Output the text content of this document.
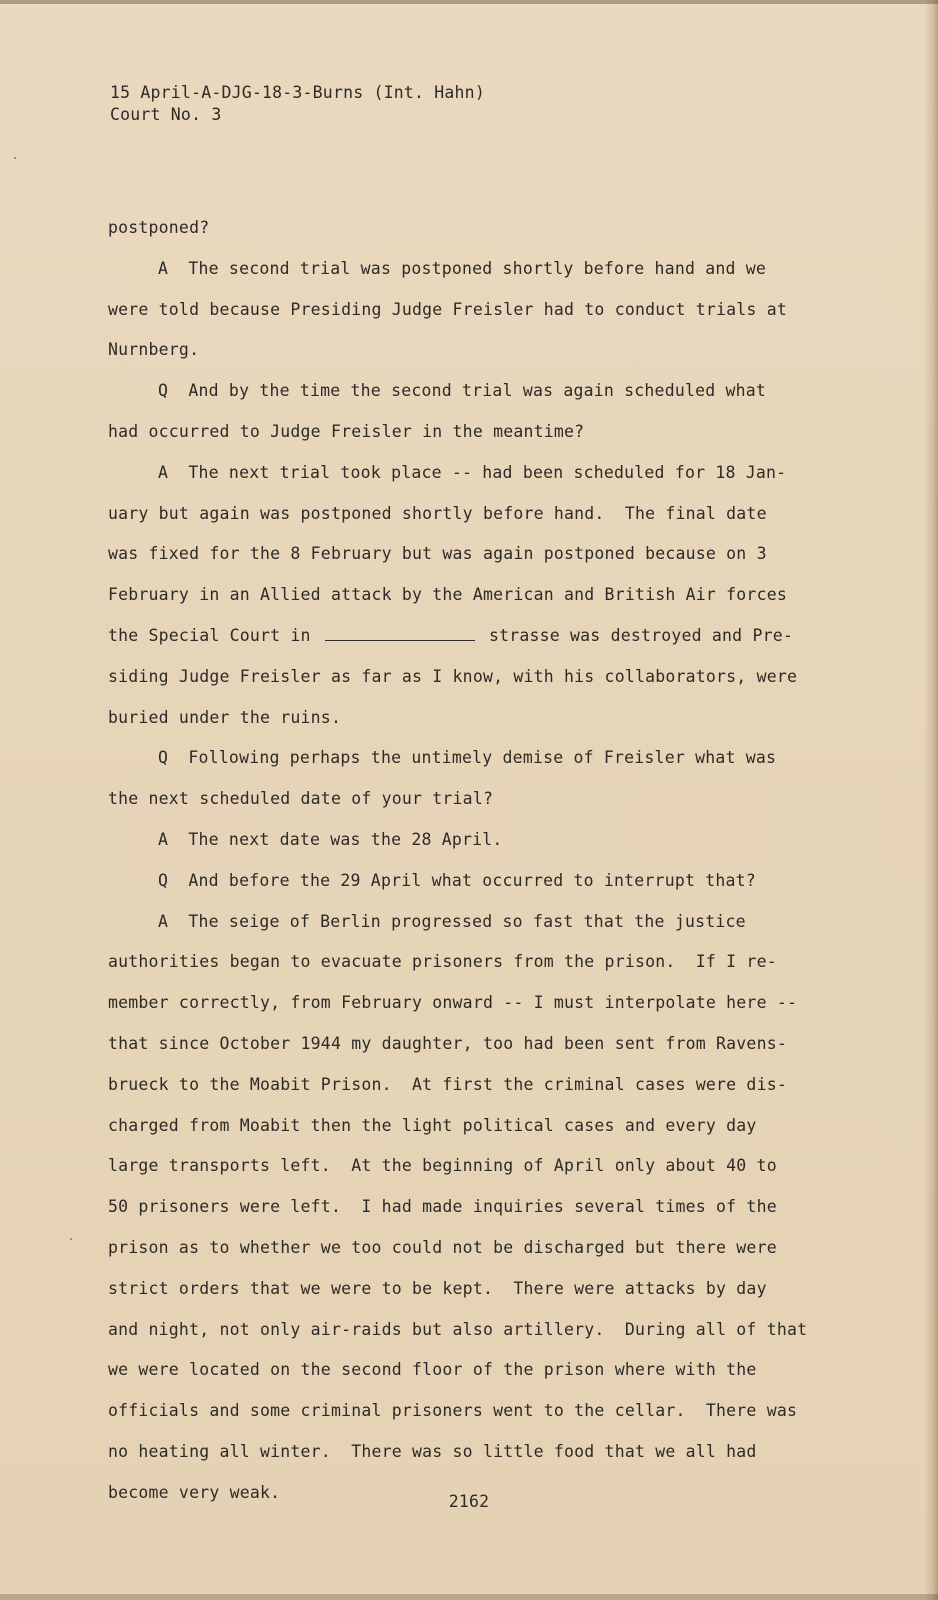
15 April-A-DJG-18-3-Burns (Int. Hahn)
Court No. 3
postponed?
A  The second trial was postponed shortly before hand and we
were told because Presiding Judge Freisler had to conduct trials at
Nurnberg.
Q  And by the time the second trial was again scheduled what
had occurred to Judge Freisler in the meantime?
A  The next trial took place -- had been scheduled for 18 Jan-
uary but again was postponed shortly before hand.  The final date
was fixed for the 8 February but was again postponed because on 3
February in an Allied attack by the American and British Air forces
the Special Court in	strasse was destroyed and Pre-
siding Judge Freisler as far as I know, with his collaborators, were
buried under the ruins.
Q  Following perhaps the untimely demise of Freisler what was
the next scheduled date of your trial?
A  The next date was the 28 April.
Q  And before the 29 April what occurred to interrupt that?
A  The seige of Berlin progressed so fast that the justice
authorities began to evacuate prisoners from the prison.  If I re-
member correctly, from February onward -- I must interpolate here --
that since October 1944 my daughter, too had been sent from Ravens-
brueck to the Moabit Prison.  At first the criminal cases were dis-
charged from Moabit then the light political cases and every day
large transports left.  At the beginning of April only about 40 to
50 prisoners were left.  I had made inquiries several times of the
prison as to whether we too could not be discharged but there were
strict orders that we were to be kept.  There were attacks by day
and night, not only air-raids but also artillery.  During all of that
we were located on the second floor of the prison where with the
officials and some criminal prisoners went to the cellar.  There was
no heating all winter.  There was so little food that we all had
become very weak.	2162
